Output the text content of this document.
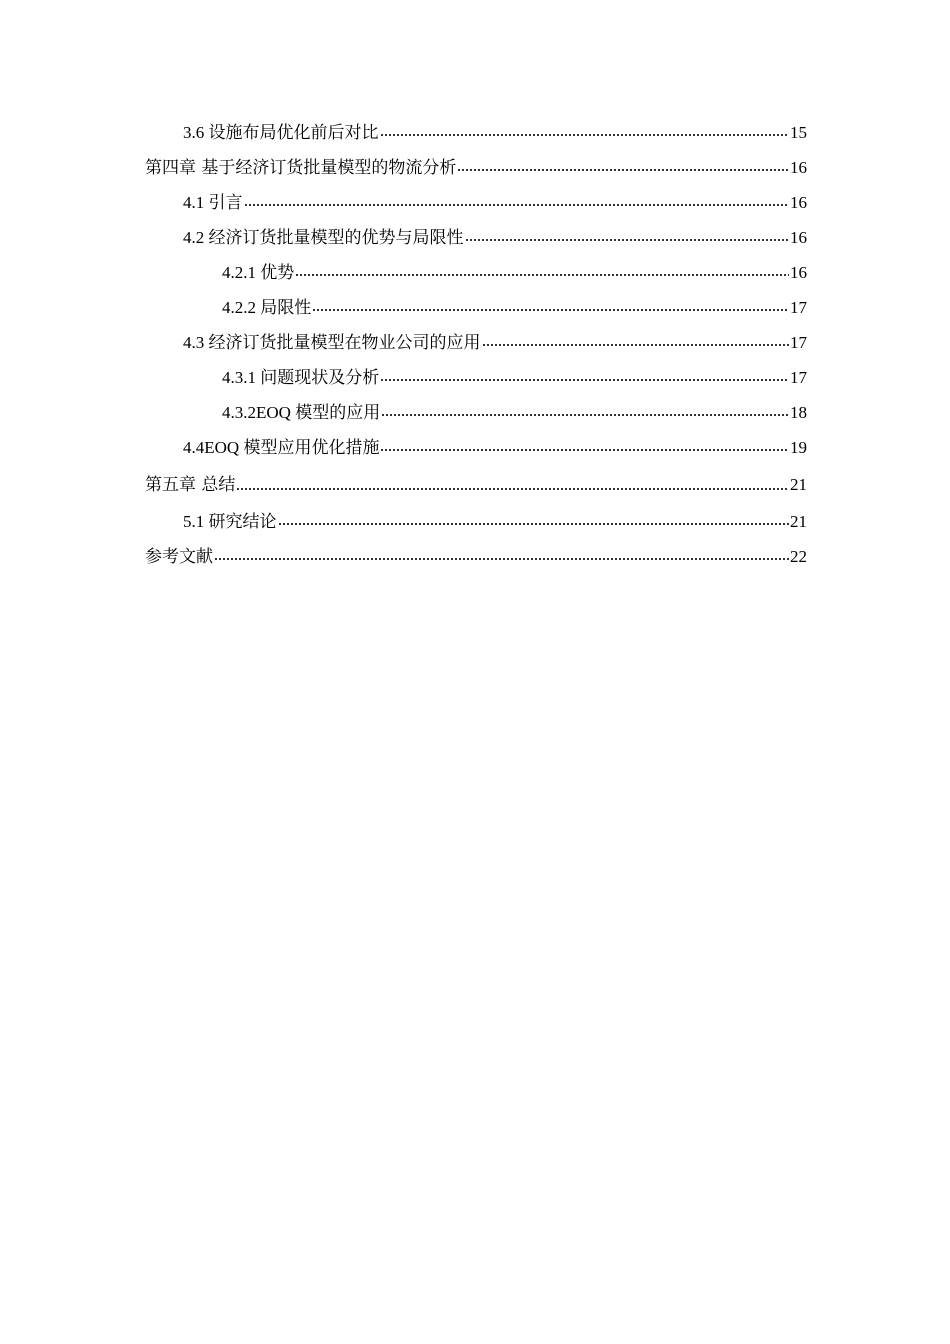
3.6 设施布局优化前后对比	15
第四章 基于经济订货批量模型的物流分析	16
4.1 引言	16
4.2 经济订货批量模型的优势与局限性	16
4.2.1 优势	16
4.2.2 局限性	17
4.3 经济订货批量模型在物业公司的应用	17
4.3.1 问题现状及分析	17
4.3.2EOQ 模型的应用	18
4.4EOQ 模型应用优化措施	19
第五章 总结	21
5.1 研究结论	21
参考文献	22
